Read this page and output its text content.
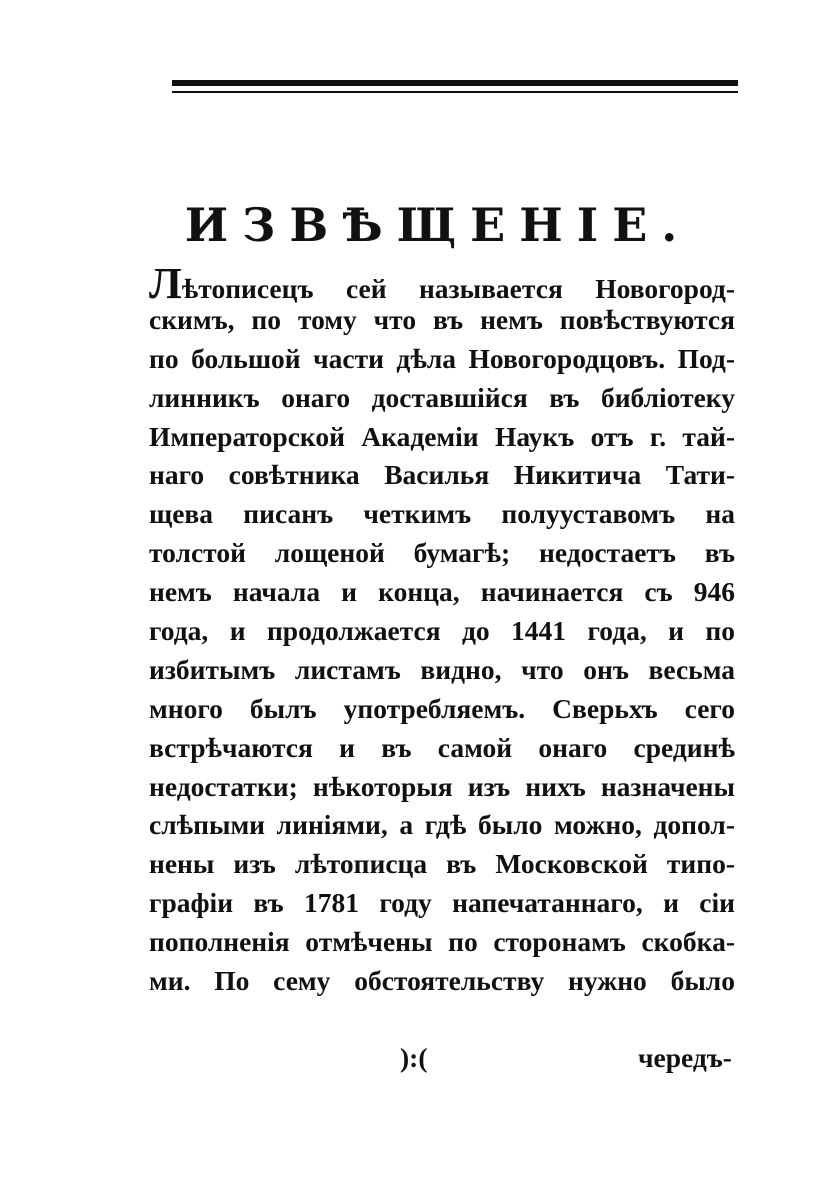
ИЗВѢЩЕНІЕ.
Лѣтописецъ сей называется Новогород-
скимъ, по тому что въ немъ повѣствуются
по большой части дѣла Новогородцовъ. Под-
линникъ онаго доставшійся въ библіотеку
Императорской Академіи Наукъ отъ г. тай-
наго совѣтника Василья Никитича Тати-
щева писанъ четкимъ полууставомъ на
толстой лощеной бумагѣ; недостаетъ въ
немъ начала и конца, начинается съ 946
года, и продолжается до 1441 года, и по
избитымъ листамъ видно, что онъ весьма
много былъ употребляемъ. Сверьхъ сего
встрѣчаются и въ самой онаго срединѣ
недостатки; нѣкоторыя изъ нихъ назначены
слѣпыми линіями, а гдѣ было можно, допол-
нены изъ лѣтописца въ Московской типо-
графіи въ 1781 году напечатаннаго, и сіи
пополненія отмѣчены по сторонамъ скобка-
ми. По сему обстоятельству нужно было
):(	чередъ-
